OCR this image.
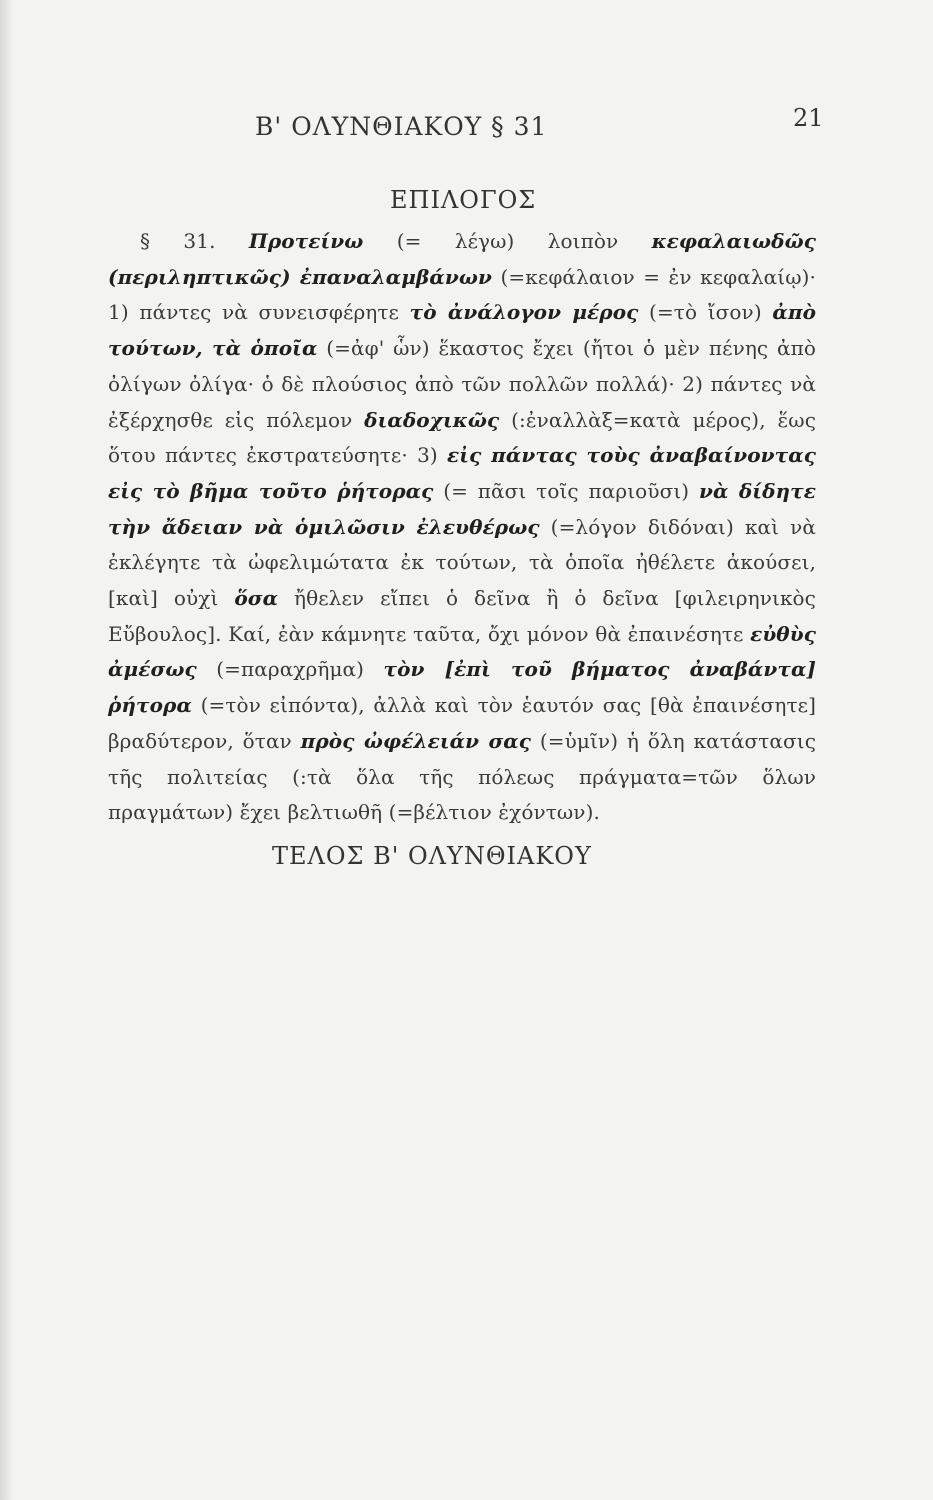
Β' ΟΛΥΝΘΙΑΚΟΥ § 31	21
ΕΠΙΛΟΓΟΣ

§ 31. Προτείνω (= λέγω) λοιπὸν κεφαλαιωδῶς (περιληπτικῶς) ἐπαναλαμβάνων (=κεφάλαιον = ἐν κεφαλαίῳ)· 1) πάντες νὰ συνεισφέρητε τὸ ἀνάλογον μέρος (=τὸ ἴσον) ἀπὸ τούτων, τὰ ὁποῖα (=ἀφ' ὧν) ἕκαστος ἔχει (ἤτοι ὁ μὲν πένης ἀπὸ ὀλίγων ὀλίγα· ὁ δὲ πλούσιος ἀπὸ τῶν πολλῶν πολλά)· 2) πάντες νὰ ἐξέρχησθε εἰς πόλεμον διαδοχικῶς (:ἐναλλὰξ=κατὰ μέρος), ἕως ὅτου πάντες ἐκστρατεύσητε· 3) εἰς πάντας τοὺς ἀναβαίνοντας εἰς τὸ βῆμα τοῦτο ῥήτορας (= πᾶσι τοῖς παριοῦσι) νὰ δίδητε τὴν ἄδειαν νὰ ὁμιλῶσιν ἐλευθέρως (=λόγον διδόναι) καὶ νὰ ἐκλέγητε τὰ ὠφελιμώτατα ἐκ τούτων, τὰ ὁποῖα ἠθέλετε ἀκούσει, [καὶ] οὐχὶ ὅσα ἤθελεν εἴπει ὁ δεῖνα ἢ ὁ δεῖνα [φιλειρηνικὸς Εὔβουλος]. Καί, ἐὰν κάμνητε ταῦτα, ὄχι μόνον θὰ ἐπαινέσητε εὐθὺς ἀμέσως (=παραχρῆμα) τὸν [ἐπὶ τοῦ βήματος ἀναβάντα] ῥήτορα (=τὸν εἰπόντα), ἀλλὰ καὶ τὸν ἑαυτόν σας [θὰ ἐπαινέσητε] βραδύτερον, ὅταν πρὸς ὠφέλειάν σας (=ὑμῖν) ἡ ὅλη κατάστασις τῆς πολιτείας (:τὰ ὅλα τῆς πόλεως πράγματα=τῶν ὅλων πραγμάτων) ἔχει βελτιωθῆ (=βέλτιον ἐχόντων).

ΤΕΛΟΣ Β' ΟΛΥΝΘΙΑΚΟΥ
